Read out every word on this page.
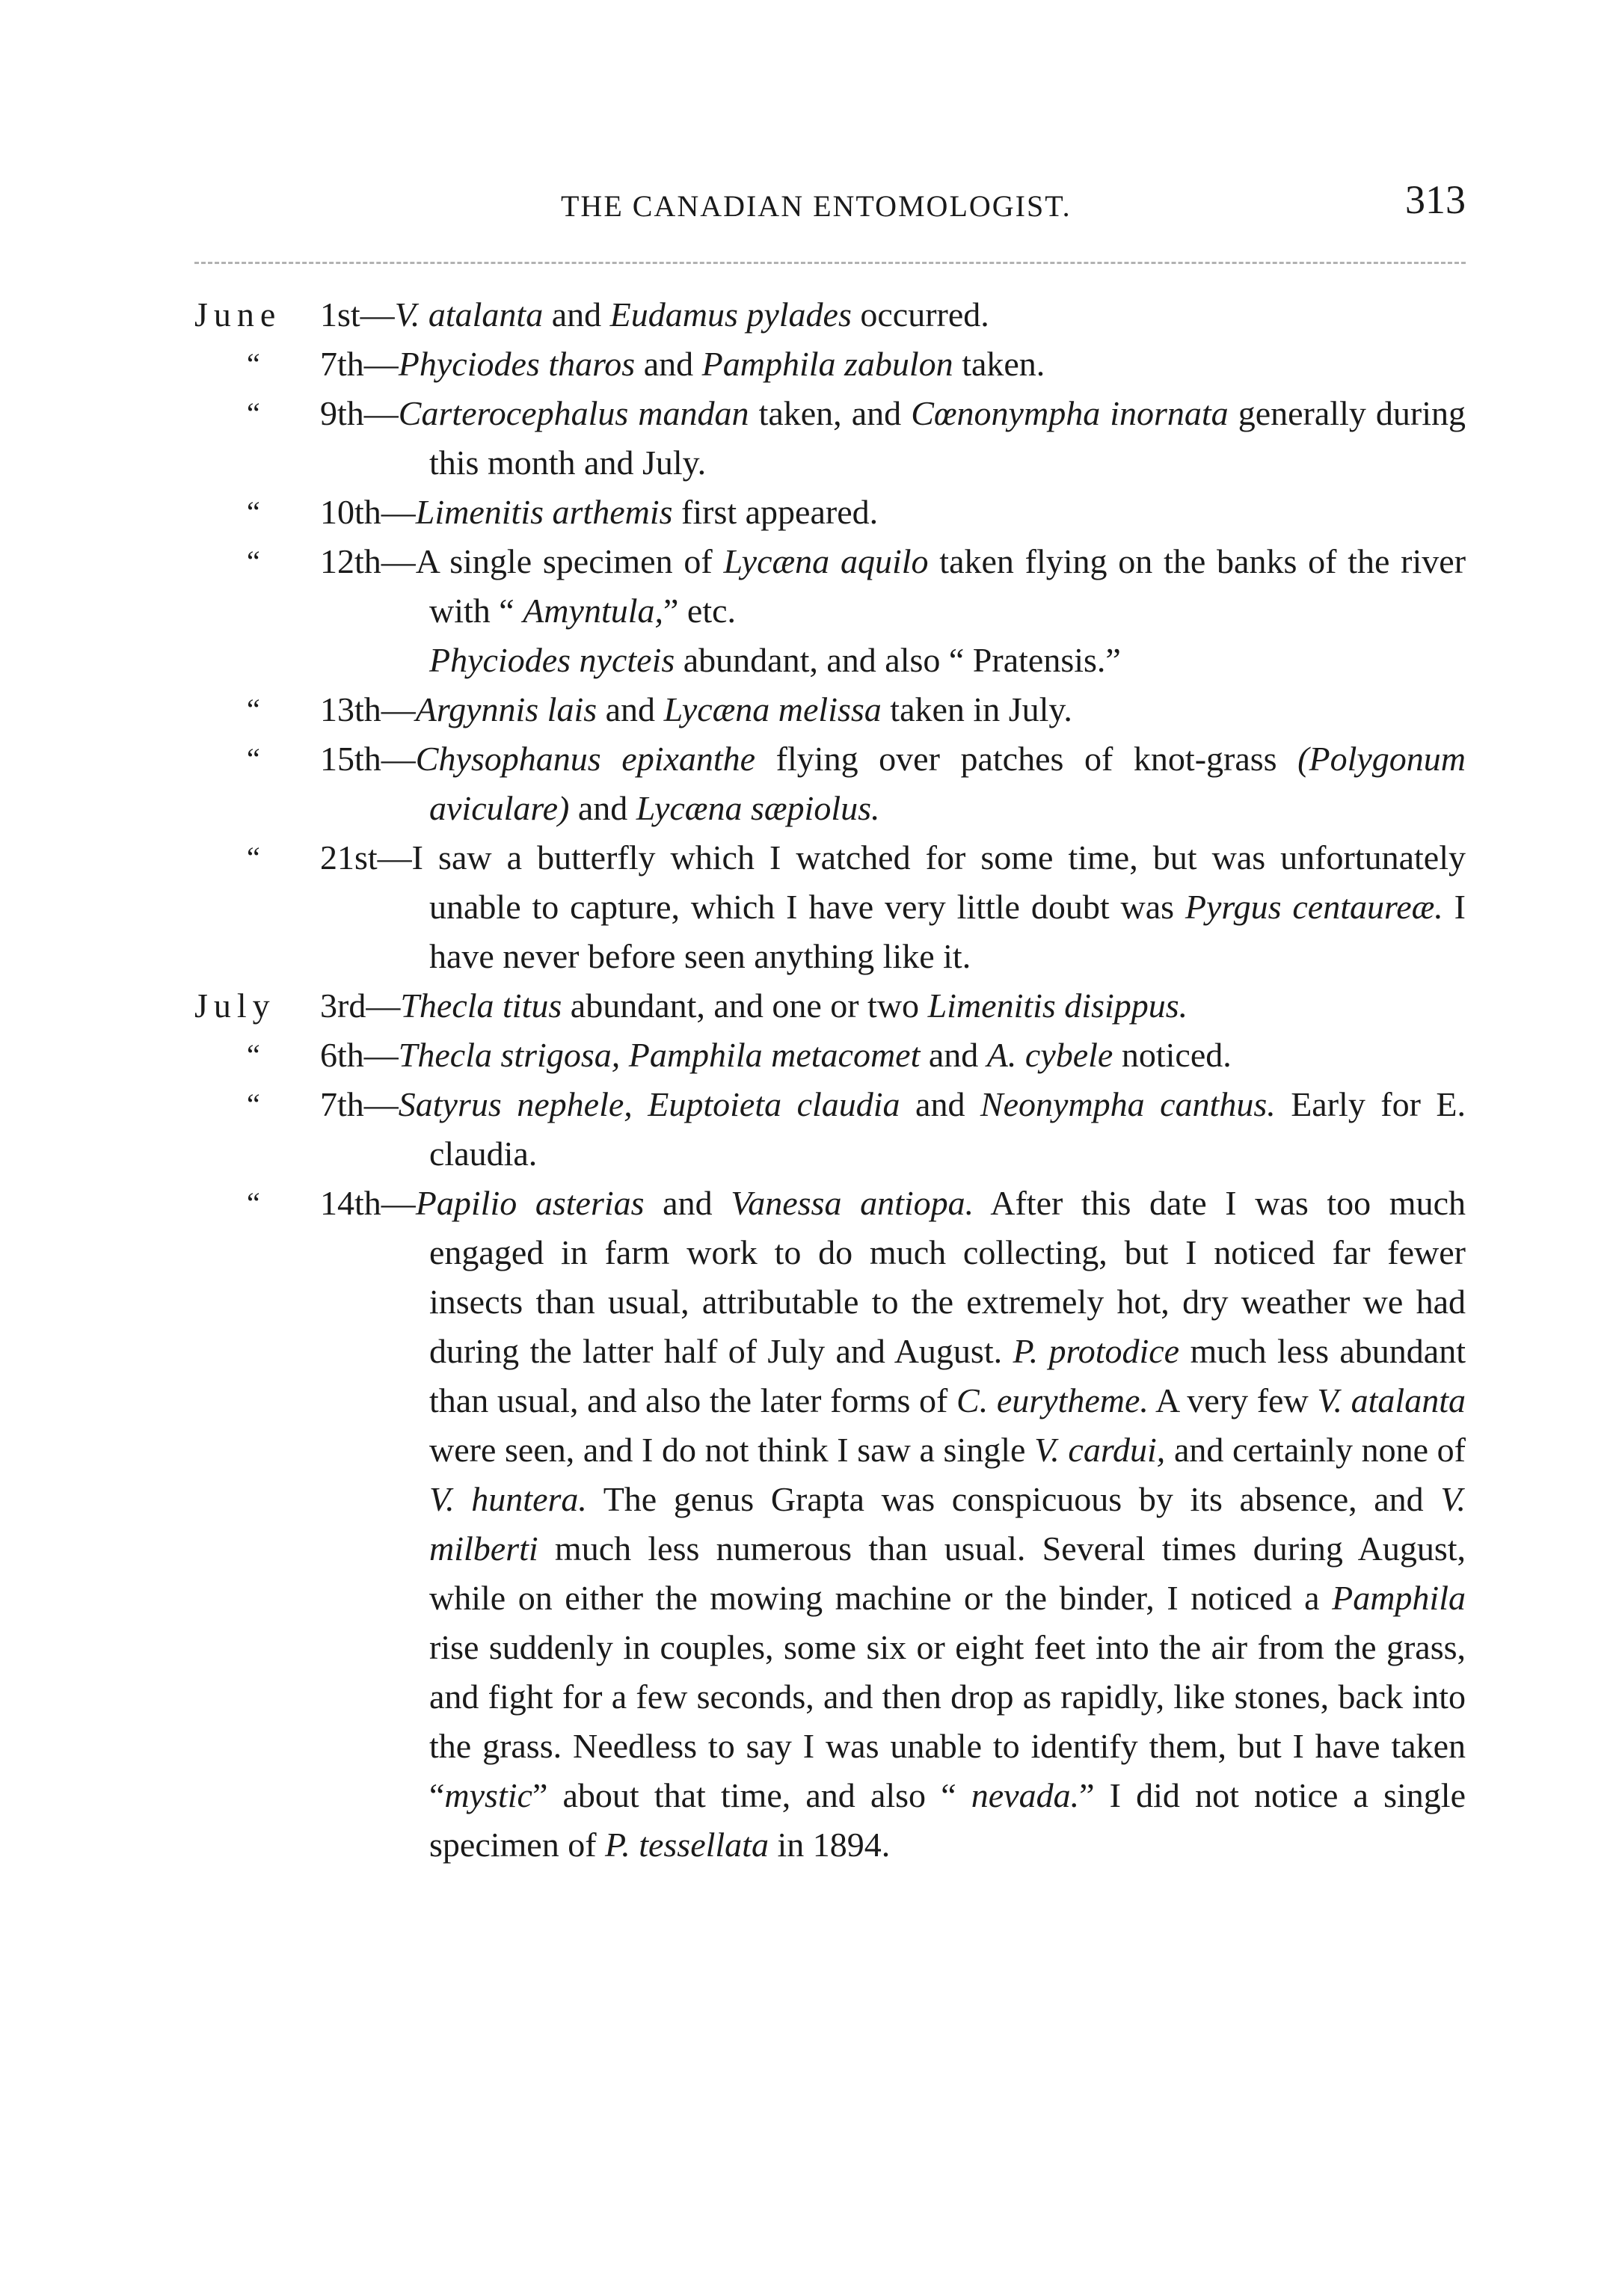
THE CANADIAN ENTOMOLOGIST.	313
June	1st—V. atalanta and Eudamus pylades occurred.

“	7th—Phyciodes tharos and Pamphila zabulon taken.

“	9th—Carterocephalus mandan taken, and Cœnonympha inornata generally during this month and July.

“	10th—Limenitis arthemis first appeared.

“	12th—A single specimen of Lycæna aquilo taken flying on the banks of the river with “ Amyntula,” etc.

Phyciodes nycteis abundant, and also “ Pratensis.”
“	13th—Argynnis lais and Lycæna melissa taken in July.

“	15th—Chysophanus epixanthe flying over patches of knot-grass (Polygonum aviculare) and Lycæna sæpiolus.

“	21st—I saw a butterfly which I watched for some time, but was unfortunately unable to capture, which I have very little doubt was Pyrgus centaureæ. I have never before seen anything like it.

July	3rd—Thecla titus abundant, and one or two Limenitis disippus.

“	6th—Thecla strigosa, Pamphila metacomet and A. cybele noticed.

“	7th—Satyrus nephele, Euptoieta claudia and Neonympha canthus. Early for E. claudia.

“	14th—Papilio asterias and Vanessa antiopa. After this date I was too much engaged in farm work to do much collecting, but I noticed far fewer insects than usual, attributable to the extremely hot, dry weather we had during the latter half of July and August. P. protodice much less abundant than usual, and also the later forms of C. eurytheme. A very few V. atalanta were seen, and I do not think I saw a single V. cardui, and certainly none of V. huntera. The genus Grapta was conspicuous by its absence, and V. milberti much less numerous than usual. Several times during August, while on either the mowing machine or the binder, I noticed a Pamphila rise suddenly in couples, some six or eight feet into the air from the grass, and fight for a few seconds, and then drop as rapidly, like stones, back into the grass. Needless to say I was unable to identify them, but I have taken “mystic” about that time, and also “ nevada.” I did not notice a single specimen of P. tessellata in 1894.
